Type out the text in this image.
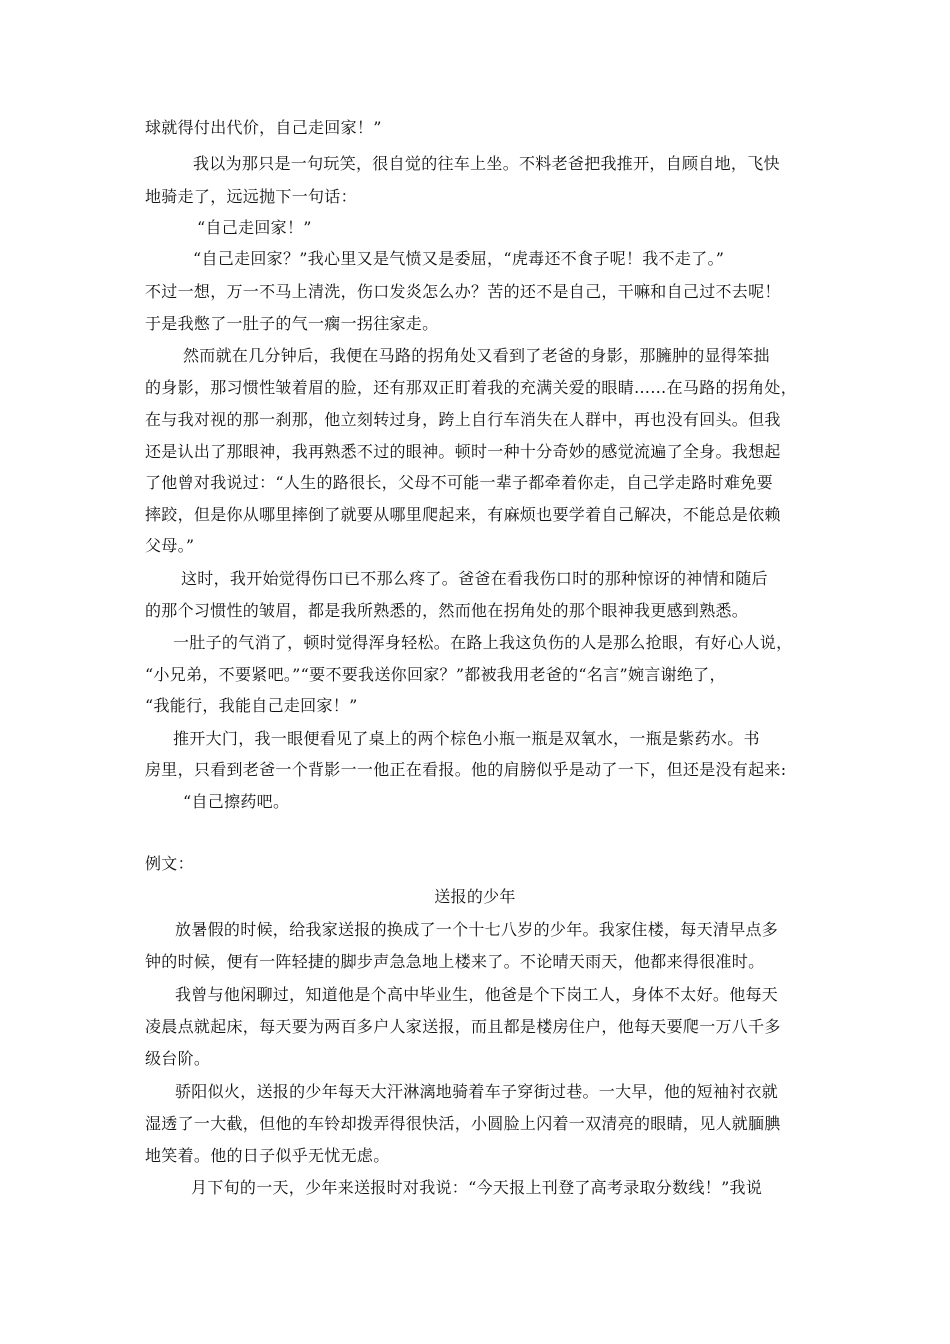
球就得付出代价，自己走回家！”
我以为那只是一句玩笑，很自觉的往车上坐。不料老爸把我推开，自顾自地，飞快
地骑走了，远远抛下一句话：
“自己走回家！”
“自己走回家？”我心里又是气愤又是委屈，“虎毒还不食子呢！我不走了。”
不过一想，万一不马上清洗，伤口发炎怎么办？苦的还不是自己，干嘛和自己过不去呢！
于是我憋了一肚子的气一瘸一拐往家走。
然而就在几分钟后，我便在马路的拐角处又看到了老爸的身影，那臃肿的显得笨拙
的身影，那习惯性皱着眉的脸，还有那双正盯着我的充满关爱的眼睛……在马路的拐角处，
在与我对视的那一刹那，他立刻转过身，跨上自行车消失在人群中，再也没有回头。但我
还是认出了那眼神，我再熟悉不过的眼神。顿时一种十分奇妙的感觉流遍了全身。我想起
了他曾对我说过：“人生的路很长，父母不可能一辈子都牵着你走，自己学走路时难免要
摔跤，但是你从哪里摔倒了就要从哪里爬起来，有麻烦也要学着自己解决，不能总是依赖
父母。”
这时，我开始觉得伤口已不那么疼了。爸爸在看我伤口时的那种惊讶的神情和随后
的那个习惯性的皱眉，都是我所熟悉的，然而他在拐角处的那个眼神我更感到熟悉。
一肚子的气消了，顿时觉得浑身轻松。在路上我这负伤的人是那么抢眼，有好心人说，
“小兄弟，不要紧吧。”“要不要我送你回家？”都被我用老爸的“名言”婉言谢绝了，
“我能行，我能自己走回家！”
推开大门，我一眼便看见了桌上的两个棕色小瓶一瓶是双氧水，一瓶是紫药水。书
房里，只看到老爸一个背影一一他正在看报。他的肩膀似乎是动了一下，但还是没有起来:
“自己擦药吧。
例文：
送报的少年
放暑假的时候，给我家送报的换成了一个十七八岁的少年。我家住楼，每天清早点多
钟的时候，便有一阵轻捷的脚步声急急地上楼来了。不论晴天雨天，他都来得很准时。
我曾与他闲聊过，知道他是个高中毕业生，他爸是个下岗工人，身体不太好。他每天
凌晨点就起床，每天要为两百多户人家送报，而且都是楼房住户，他每天要爬一万八千多
级台阶。
骄阳似火，送报的少年每天大汗淋漓地骑着车子穿街过巷。一大早，他的短袖衬衣就
湿透了一大截，但他的车铃却拨弄得很快活，小圆脸上闪着一双清亮的眼睛，见人就腼腆
地笑着。他的日子似乎无忧无虑。
月下旬的一天，少年来送报时对我说：“今天报上刊登了高考录取分数线！”我说
